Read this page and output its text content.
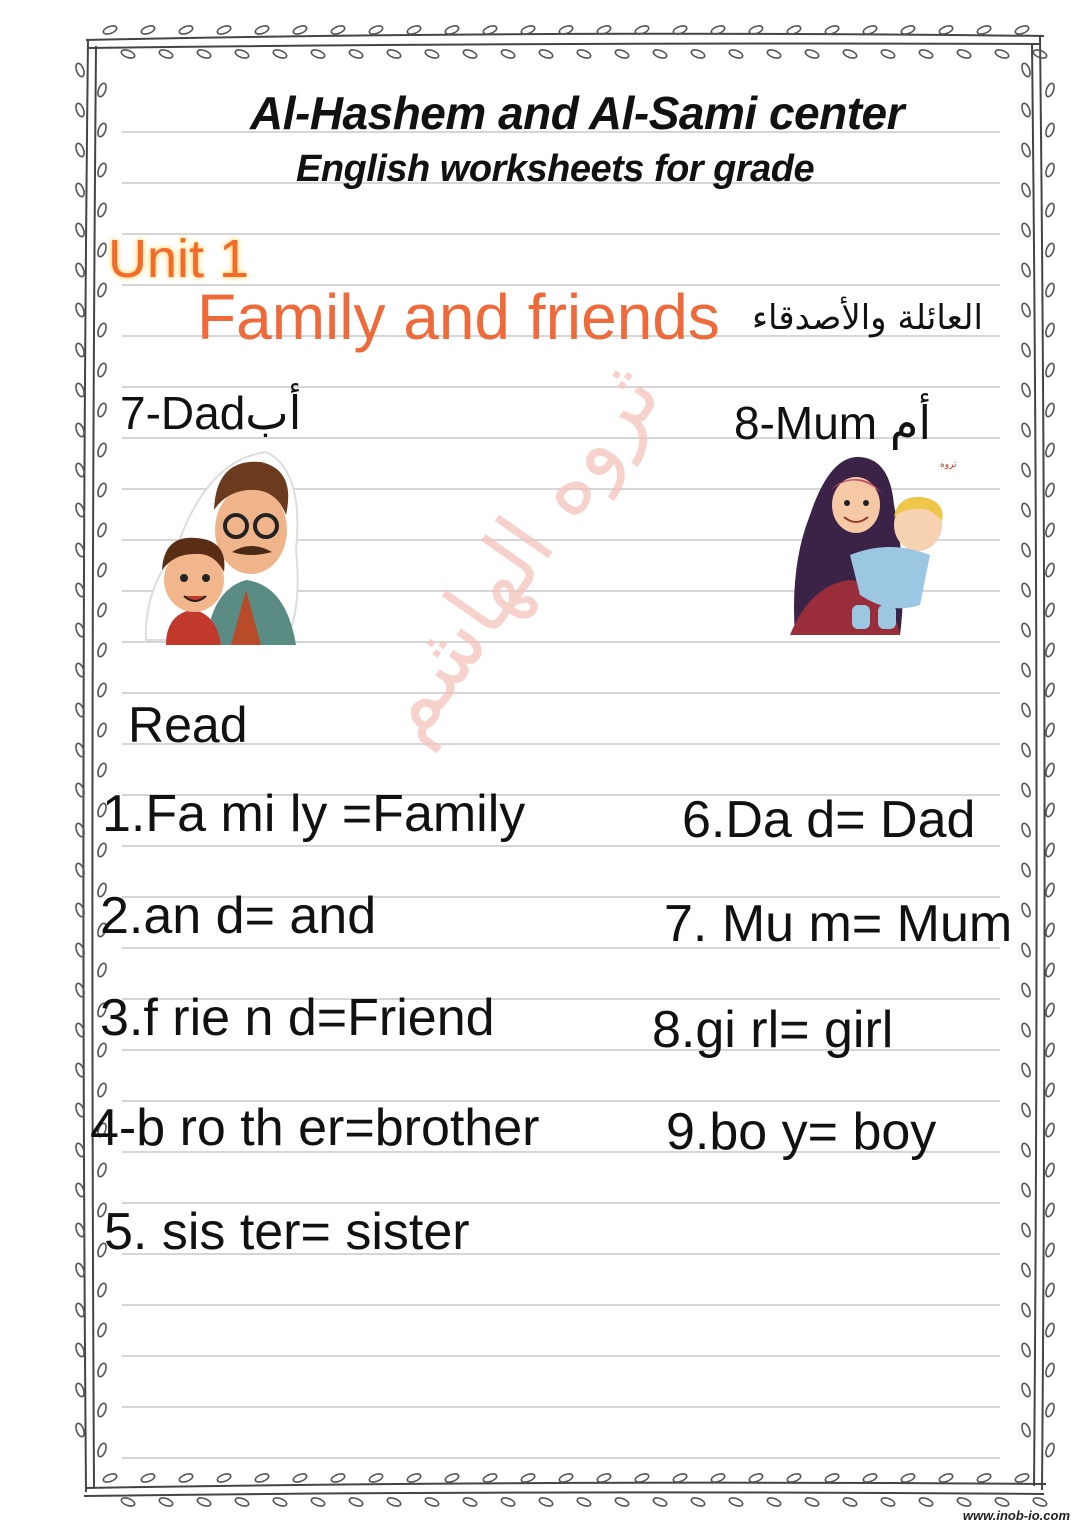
Al-Hashem and Al-Sami center
English worksheets for grade
Unit 1
Family and friends العائلة والأصدقاء
7-Dadأب	8-Mum أم
ثروه
ثروه الهاشم
Read
1.Fa mi ly =Family
2.an d= and
3.f rie n d=Friend
4-b ro th er=brother
5. sis ter= sister
6.Da d= Dad
7. Mu m= Mum
8.gi rl= girl
9.bo y= boy
www.inob-io.com
